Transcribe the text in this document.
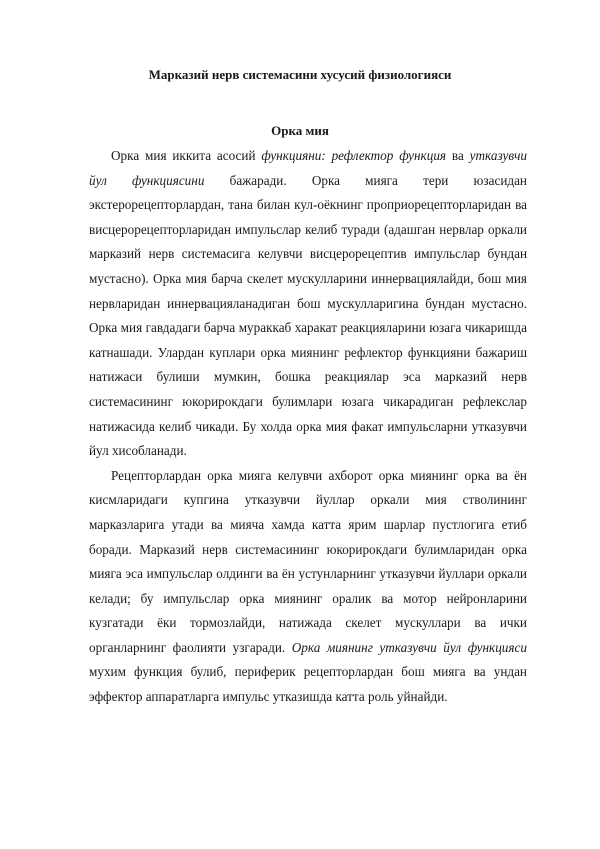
Марказий нерв системасини хусусий физиологияси
Орка мия

Орка мия иккита асосий функцияни: рефлектор функция ва утказувчи йул функциясини бажаради. Орка мияга тери юзасидан экстерорецепторлардан, тана билан кул-оёкнинг проприорецепторларидан ва висцерорецепторларидан импульслар келиб туради (адашган нервлар оркали марказий нерв системасига келувчи висцерорецептив импульслар бундан мустасно). Орка мия барча скелет мускулларини иннервациялайди, бош мия нервларидан иннервацияланадиган бош мускулларигина бундан мустасно. Орка мия гавдадаги барча мураккаб харакат реакцияларини юзага чикаришда катнашади. Улардан куплари орка миянинг рефлектор функцияни бажариш натижаси булиши мумкин, бошка реакциялар эса марказий нерв системасининг юкорирокдаги булимлари юзага чикарадиган рефлекслар натижасида келиб чикади. Бу холда орка мия факат импульсларни утказувчи йул хисобланади.

Рецепторлардан орка мияга келувчи ахборот орка миянинг орка ва ён кисмларидаги купгина утказувчи йуллар оркали мия стволининг марказларига утади ва мияча хамда катта ярим шарлар пустлогига етиб боради. Марказий нерв системасининг юкорирокдаги булимларидан орка мияга эса импульслар олдинги ва ён устунларнинг утказувчи йуллари оркали келади; бу импульслар орка миянинг оралик ва мотор нейронларини кузгатади ёки тормозлайди, натижада скелет мускуллари ва ички органларнинг фаолияти узгаради. Орка миянинг утказувчи йул функцияси мухим функция булиб, периферик рецепторлардан бош мияга ва ундан эффектор аппаратларга импульс утказишда катта роль уйнайди.
